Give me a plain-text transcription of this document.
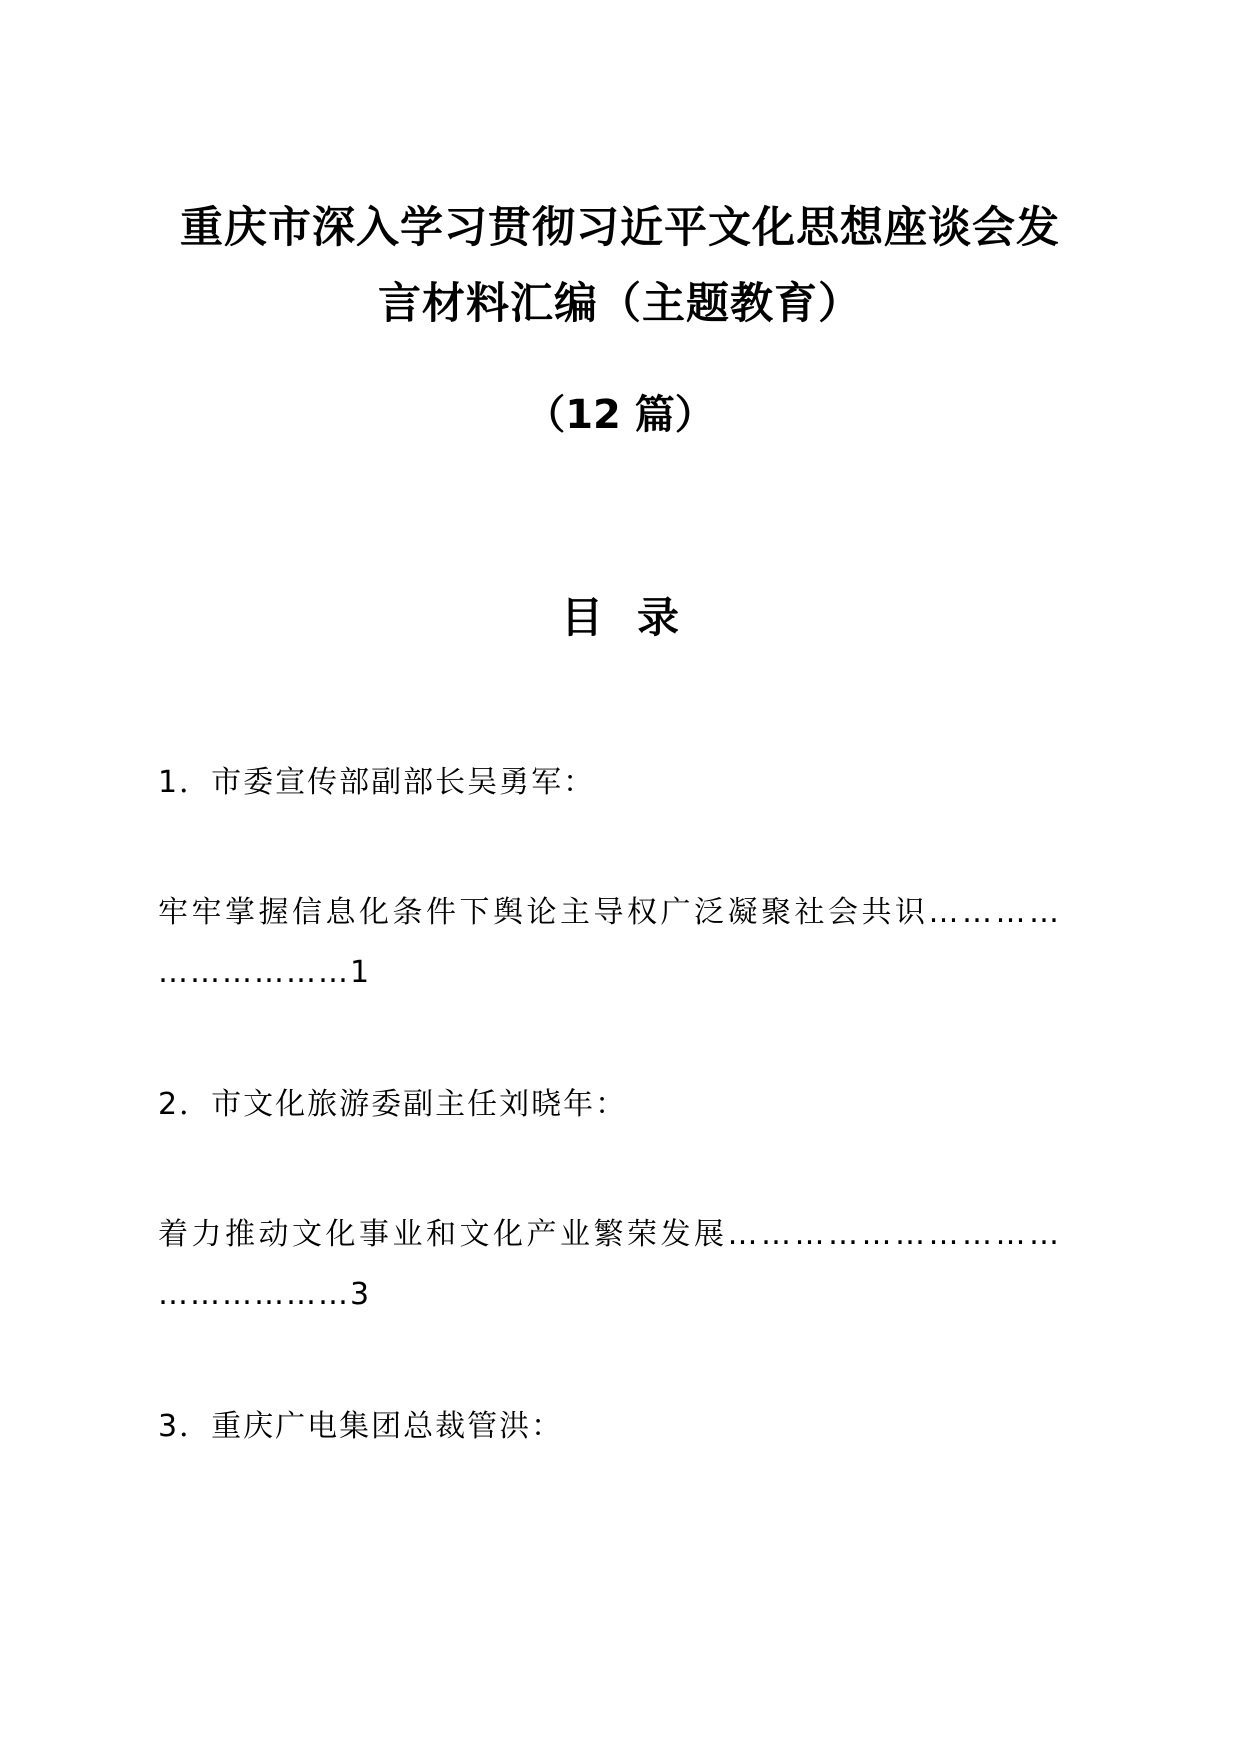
重庆市深入学习贯彻习近平文化思想座谈会发
言材料汇编（主题教育）
（12 篇）
目 录
1．市委宣传部副部长吴勇军：
牢牢掌握信息化条件下舆论主导权广泛凝聚社会共识…………
………………1
2．市文化旅游委副主任刘晓年：
着力推动文化事业和文化产业繁荣发展…………………………
………………3
3．重庆广电集团总裁管洪：
